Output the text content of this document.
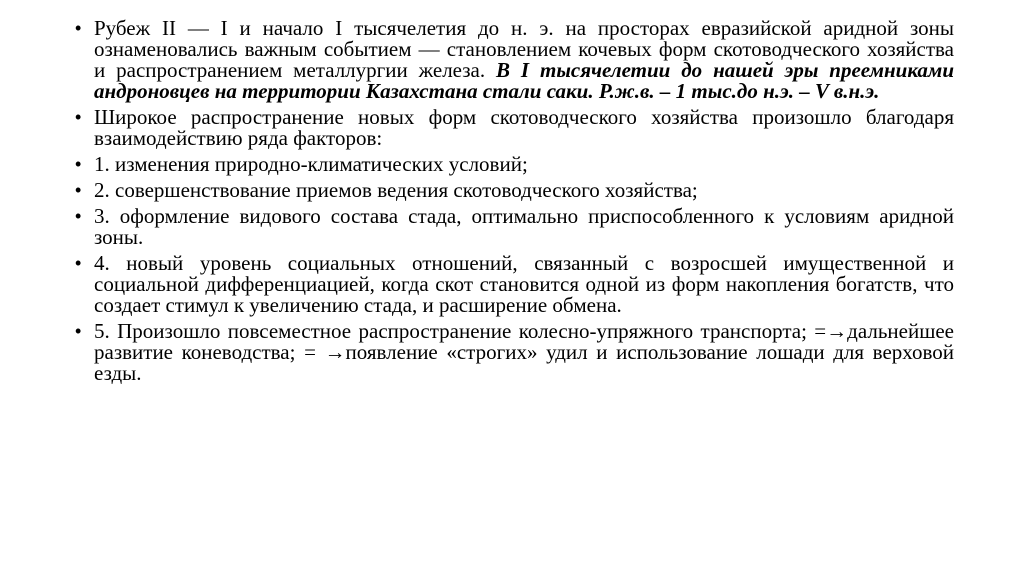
• Рубеж II — I и начало I тысячелетия до н. э. на просторах евразийской аридной зоны ознаменовались важным событием — становлением кочевых форм скотоводческого хозяйства и распространением металлургии железа. В I тысячелетии до нашей эры преемниками андроновцев на территории Казахстана стали саки. Р.ж.в. – 1 тыс.до н.э. – V в.н.э.
• Широкое распространение новых форм скотоводческого хозяйства произошло благодаря взаимодействию ряда факторов:
• 1. изменения природно-климатических условий;
• 2. совершенствование приемов ведения скотоводческого хозяйства;
• 3. оформление видового состава стада, оптимально приспособленного к условиям аридной зоны.
• 4. новый уровень социальных отношений, связанный с возросшей имущественной и социальной дифференциацией, когда скот становится одной из форм накопления богатств, что создает стимул к увеличению стада, и расширение обмена.
• 5. Произошло повсеместное распространение колесно-упряжного транспорта; =→дальнейшее развитие коневодства; = →появление «строгих» удил и использование лошади для верховой езды.
